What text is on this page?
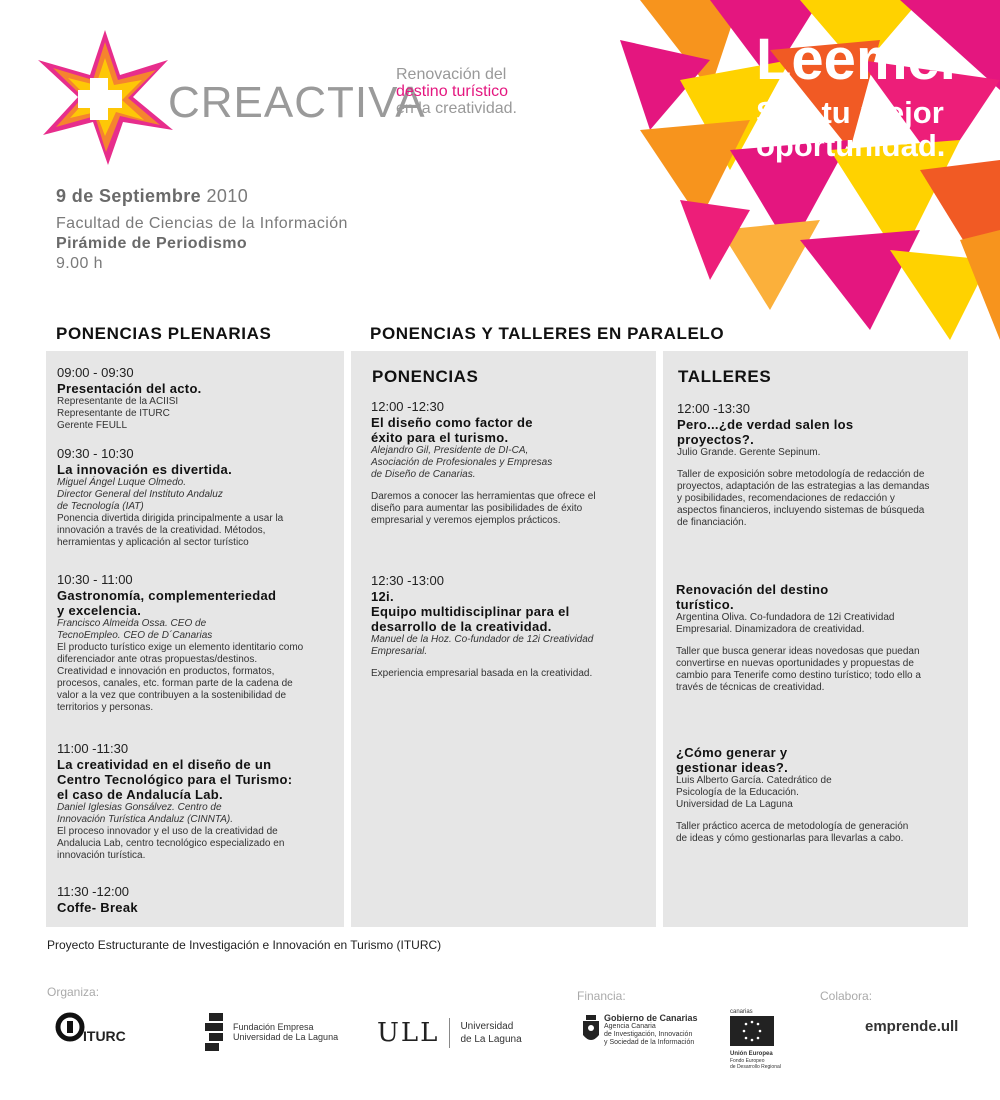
CREACTIVA
Renovación del
destino turístico
en la creatividad.
Léeme.
Soy tu mejor
oportunidad.
9 de Septiembre 2010
Facultad de Ciencias de la Información
Pirámide de Periodismo
9.00 h
PONENCIAS PLENARIAS	PONENCIAS Y TALLERES EN PARALELO
PONENCIAS	TALLERES
09:00 - 09:30
Presentación del acto.
Representante de la ACIISI
Representante de ITURC
Gerente FEULL
09:30 - 10:30
La innovación es divertida.
Miguel Ángel Luque Olmedo.
Director General del Instituto Andaluz
de Tecnología (IAT)
Ponencia divertida dirigida principalmente a usar la
innovación a través de la creatividad. Métodos,
herramientas y aplicación al sector turístico
10:30 - 11:00
Gastronomía, complementeriedad
y excelencia.
Francisco Almeida Ossa. CEO de
TecnoEmpleo. CEO de D´Canarias
El producto turístico exige un elemento identitario como
diferenciador ante otras propuestas/destinos.
Creatividad e innovación en productos, formatos,
procesos, canales, etc. forman parte de la cadena de
valor a la vez que contribuyen a la sostenibilidad de
territorios y personas.
11:00 -11:30
La creatividad en el diseño de un
Centro Tecnológico para el Turismo:
el caso de Andalucía Lab.
Daniel Iglesias Gonsálvez. Centro de
Innovación Turística Andaluz (CINNTA).
El proceso innovador y el uso de la creatividad de
Andalucia Lab, centro tecnológico especializado en
innovación turística.
11:30 -12:00
Coffe- Break
12:00 -12:30
El diseño como factor de
éxito para el turismo.
Alejandro Gil, Presidente de DI-CA,
Asociación de Profesionales y Empresas
de Diseño de Canarias.
Daremos a conocer las herramientas que ofrece el
diseño para aumentar las posibilidades de éxito
empresarial y veremos ejemplos prácticos.
12:30 -13:00
12i.
Equipo multidisciplinar para el
desarrollo de la creatividad.
Manuel de la Hoz. Co-fundador de 12i Creatividad
Empresarial.
Experiencia empresarial basada en la creatividad.
12:00 -13:30
Pero...¿de verdad salen los
proyectos?.
Julio Grande. Gerente Sepinum.
Taller de exposición sobre metodología de redacción de
proyectos, adaptación de las estrategias a las demandas
y posibilidades, recomendaciones de redacción y
aspectos financieros, incluyendo sistemas de búsqueda
de financiación.
Renovación del destino
turístico.
Argentina Oliva. Co-fundadora de 12i Creatividad
Empresarial. Dinamizadora de creatividad.
Taller que busca generar ideas novedosas que puedan
convertirse en nuevas oportunidades y propuestas de
cambio para Tenerife como destino turístico; todo ello a
través de técnicas de creatividad.
¿Cómo generar y
gestionar ideas?.
Luis Alberto García. Catedrático de
Psicología de la Educación.
Universidad de La Laguna
Taller práctico acerca de metodología de generación
de ideas y cómo gestionarlas para llevarlas a cabo.
Proyecto Estructurante de Investigación e Innovación en Turismo (ITURC)
Organiza:	Financia:	Colabora:
ITURC
Fundación Empresa
Universidad de La Laguna ULL Universidad
de La Laguna
Gobierno de Canarias
Agencia Canaria
de Investigación, Innovación
y Sociedad de la Información
canarias
Unión Europea
Fondo Europeo
de Desarrollo Regional
emprende.ull
